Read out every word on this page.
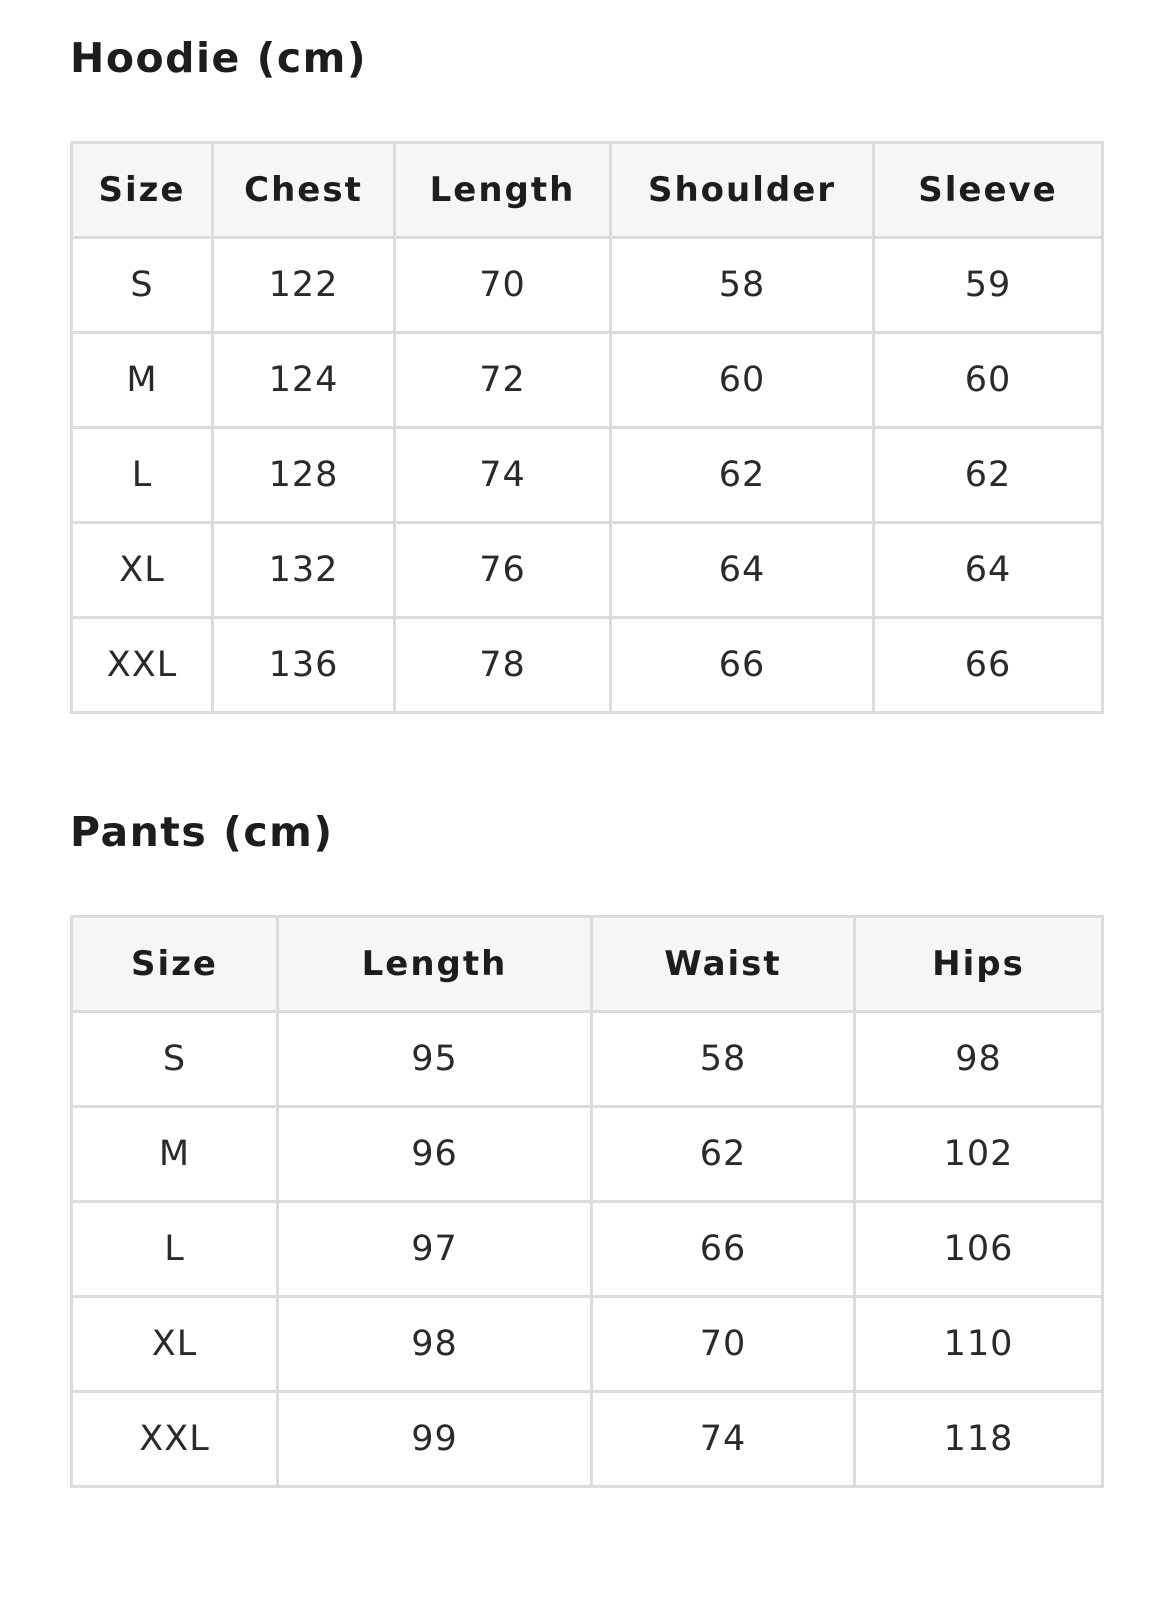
Hoodie (cm)
Size	Chest	Length	Shoulder	Sleeve
S	122	70	58	59
M	124	72	60	60
L	128	74	62	62
XL	132	76	64	64
XXL	136	78	66	66
Pants (cm)
Size	Length	Waist	Hips
S	95	58	98
M	96	62	102
L	97	66	106
XL	98	70	110
XXL	99	74	118
